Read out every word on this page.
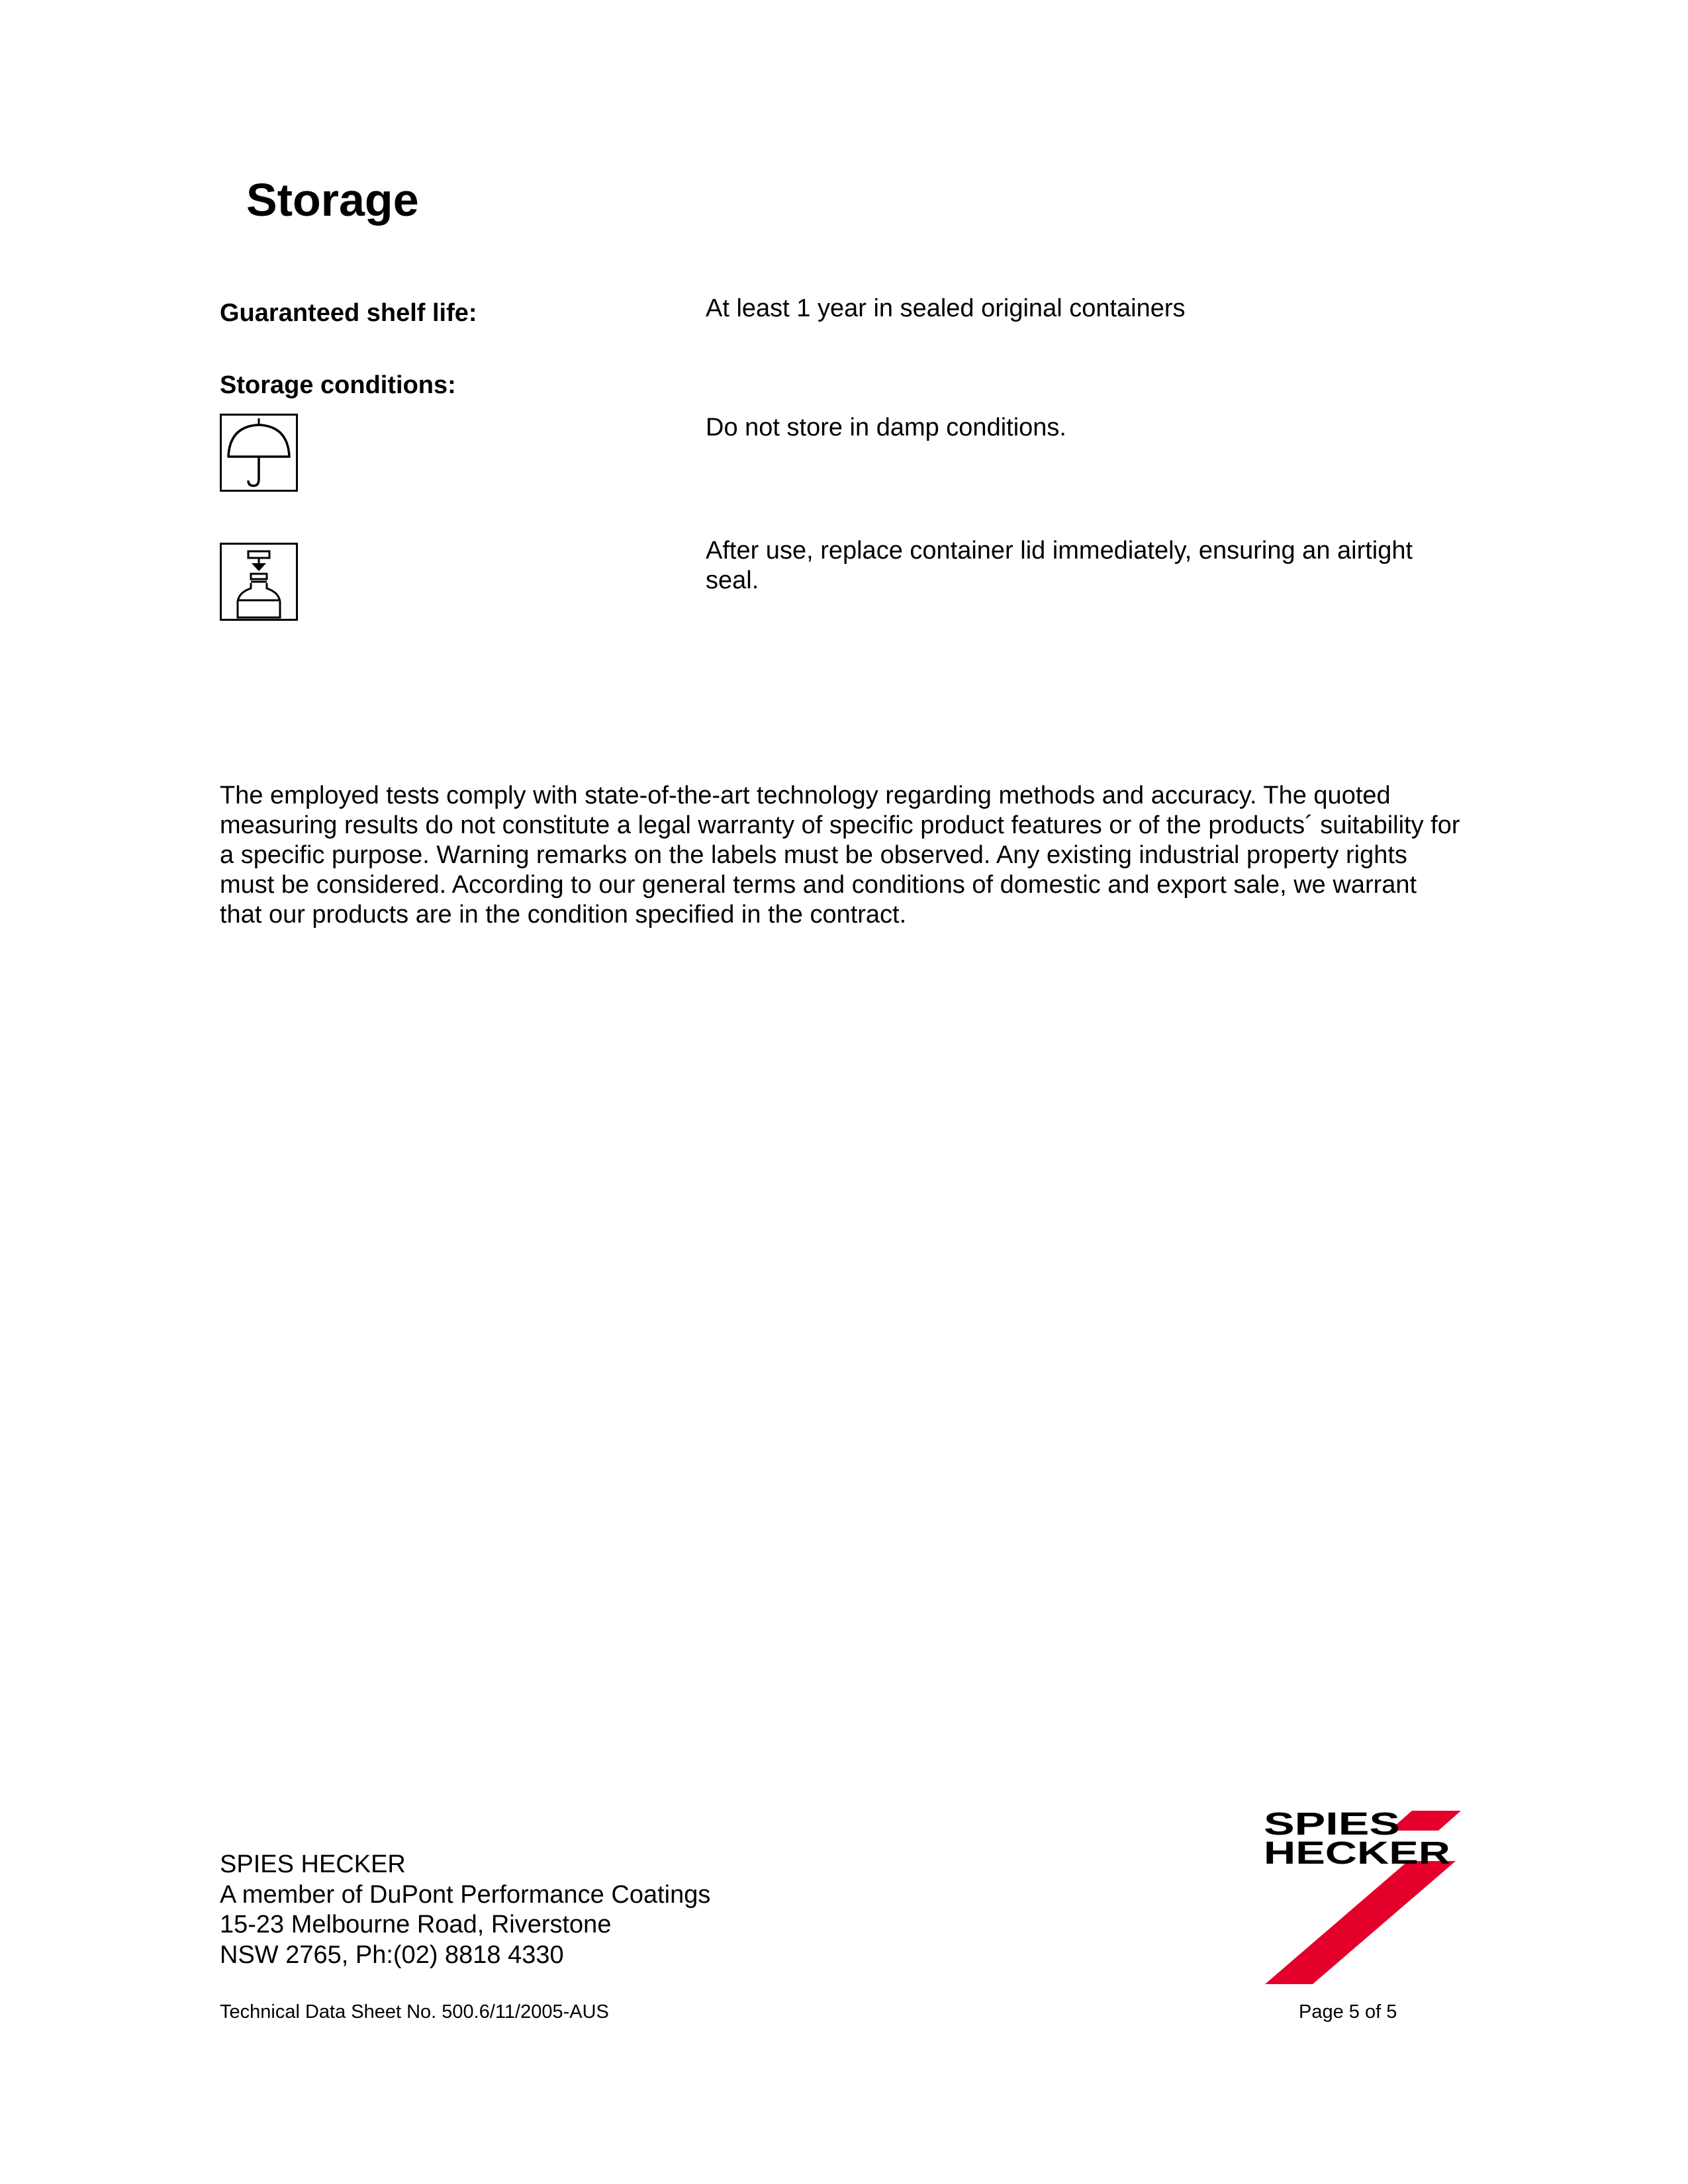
Storage
Guaranteed shelf life:	At least 1 year in sealed original containers
Storage conditions:
Do not store in damp conditions.
After use, replace container lid immediately, ensuring an airtight seal.
The employed tests comply with state-of-the-art technology regarding methods and accuracy. The quoted measuring results do not constitute a legal warranty of specific product features or of the products´ suitability for a specific purpose. Warning remarks on the labels must be observed. Any existing industrial property rights must be considered. According to our general terms and conditions of domestic and export sale, we warrant that our products are in the condition specified in the contract.
SPIES HECKER
A member of DuPont Performance Coatings
15-23 Melbourne Road, Riverstone
NSW 2765, Ph:(02) 8818 4330
SPIES
HECKER
Technical Data Sheet No. 500.6/11/2005-AUS	Page 5 of 5
